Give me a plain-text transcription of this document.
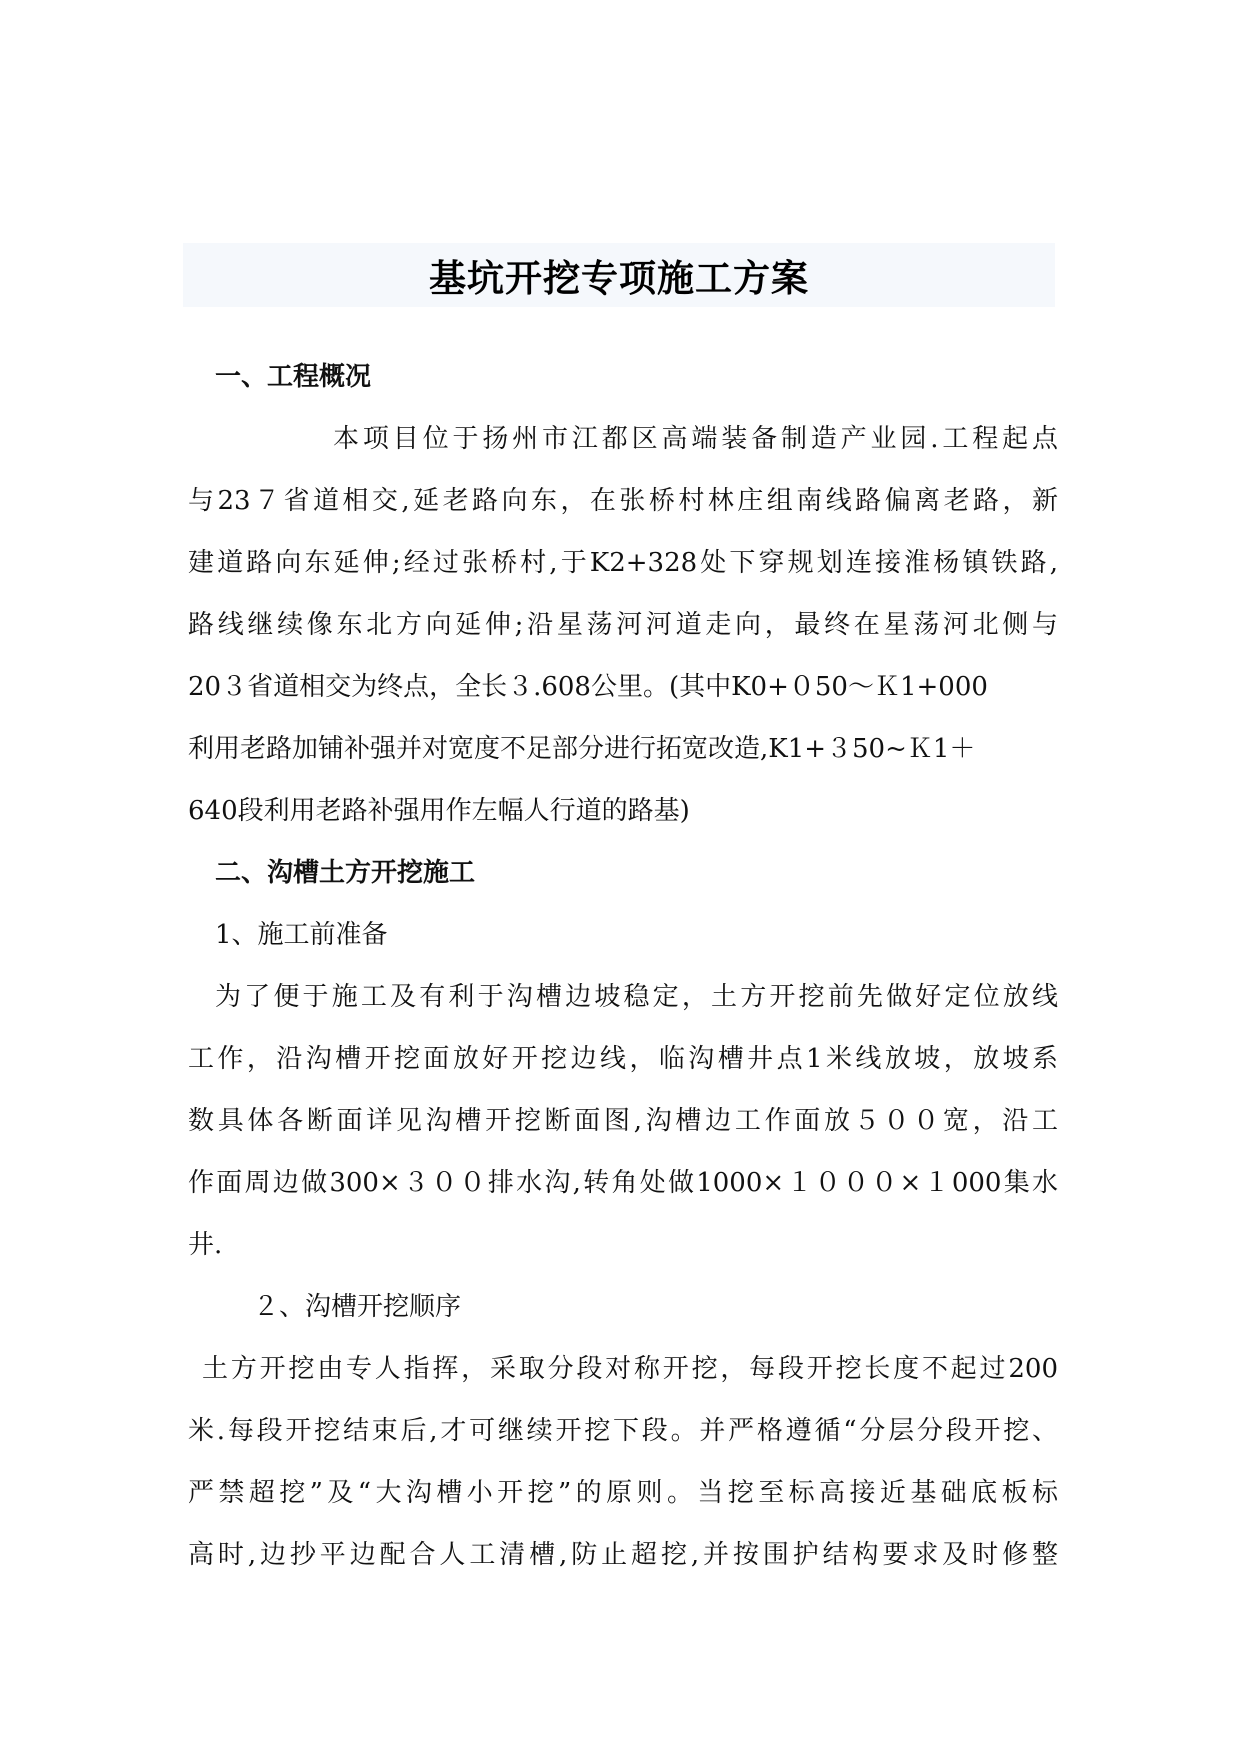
基坑开挖专项施工方案
一、工程概况
本项目位于扬州市江都区高端装备制造产业园.工程起点
与23７省道相交,延老路向东，在张桥村林庄组南线路偏离老路，新
建道路向东延伸;经过张桥村,于K2+328处下穿规划连接淮杨镇铁路,
路线继续像东北方向延伸;沿星荡河河道走向，最终在星荡河北侧与
20３省道相交为终点，全长３.608公里。(其中K0+０50～Ｋ1+000
利用老路加铺补强并对宽度不足部分进行拓宽改造,K1+３50~Ｋ1＋
640段利用老路补强用作左幅人行道的路基)
二、沟槽土方开挖施工
1、施工前准备
为了便于施工及有利于沟槽边坡稳定，土方开挖前先做好定位放线
工作，沿沟槽开挖面放好开挖边线，临沟槽井点1米线放坡，放坡系
数具体各断面详见沟槽开挖断面图,沟槽边工作面放５００宽，沿工
作面周边做300×３００排水沟,转角处做1000×１０００×１000集水
井.
２、沟槽开挖顺序
土方开挖由专人指挥，采取分段对称开挖，每段开挖长度不起过200
米.每段开挖结束后,才可继续开挖下段。并严格遵循“分层分段开挖、
严禁超挖”及“大沟槽小开挖”的原则。当挖至标高接近基础底板标
高时,边抄平边配合人工清槽,防止超挖,并按围护结构要求及时修整
